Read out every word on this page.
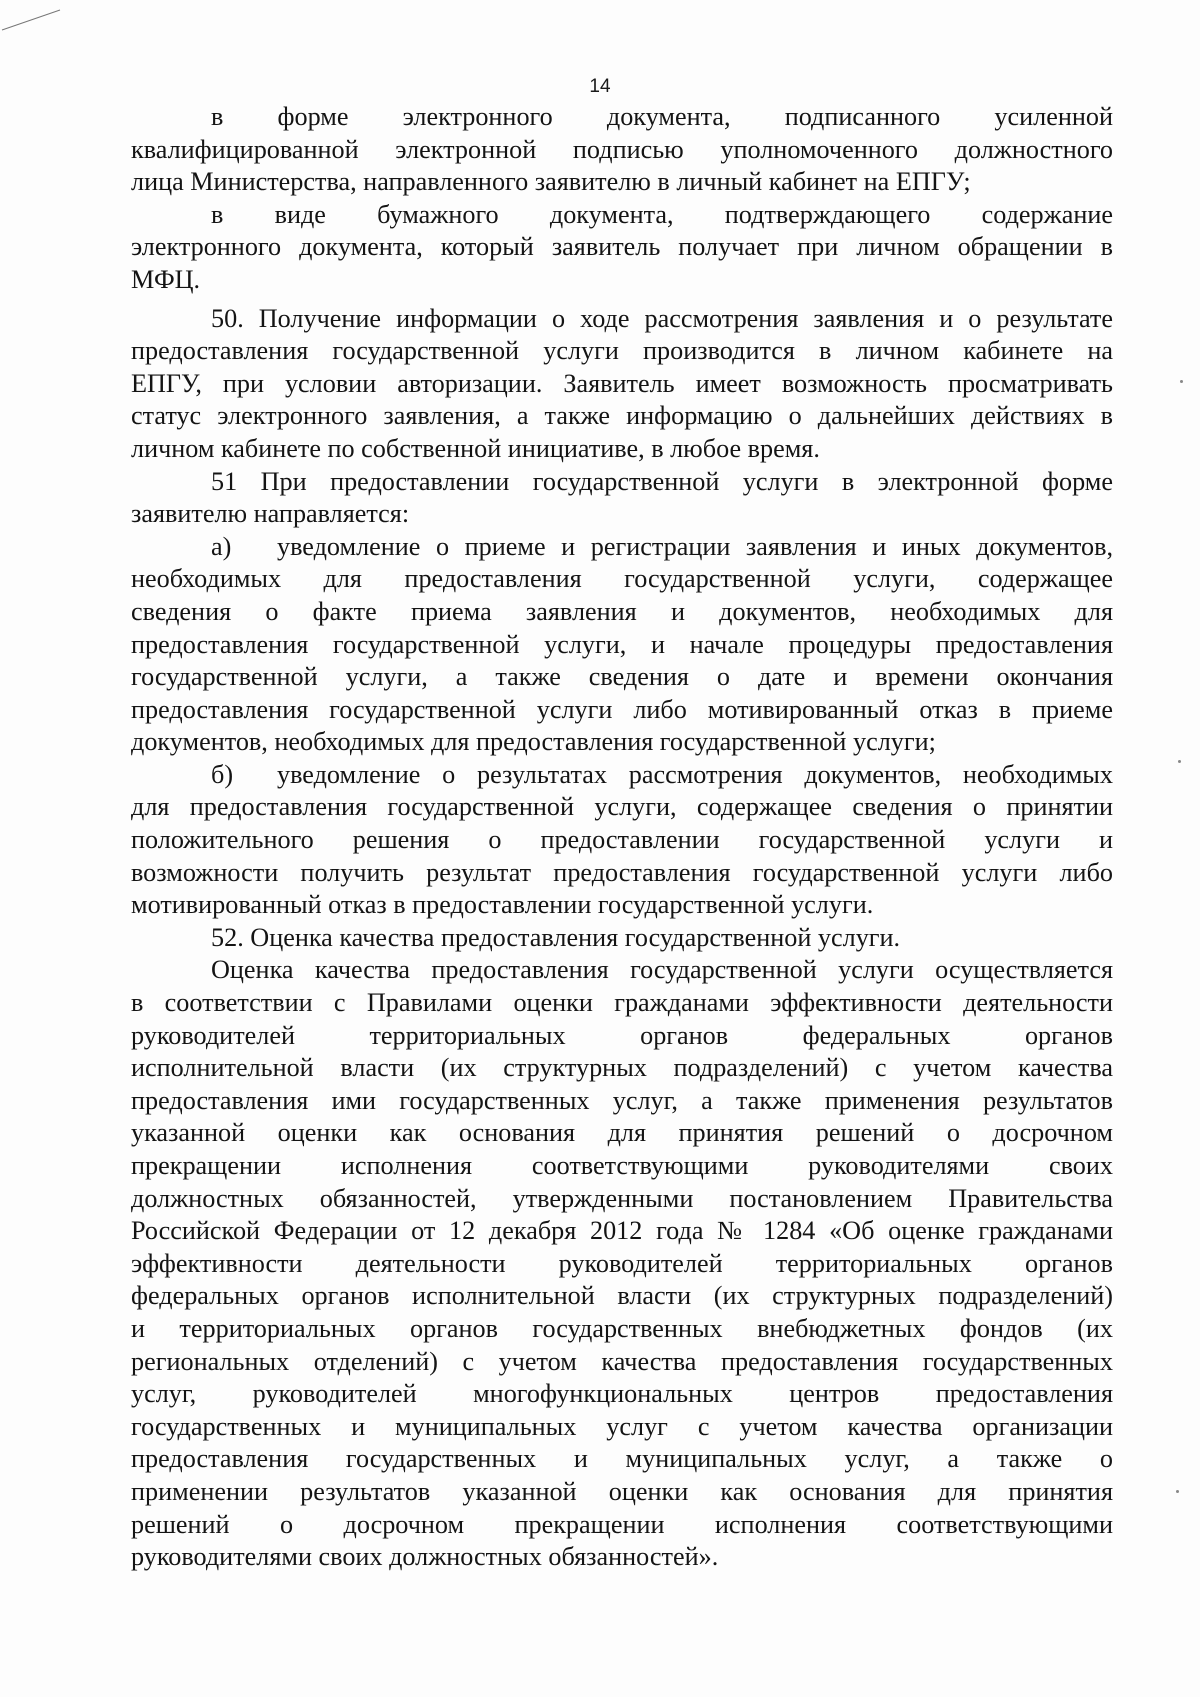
14
в форме электронного документа, подписанного усиленной
квалифицированной электронной подписью уполномоченного должностного
лица Министерства, направленного заявителю в личный кабинет на ЕПГУ;
в виде бумажного документа, подтверждающего содержание
электронного документа, который заявитель получает при личном обращении в
МФЦ.
50. Получение информации о ходе рассмотрения заявления и о результате
предоставления государственной услуги производится в личном кабинете на
ЕПГУ, при условии авторизации. Заявитель имеет возможность просматривать
статус электронного заявления, а также информацию о дальнейших действиях в
личном кабинете по собственной инициативе, в любое время.
51 При предоставлении государственной услуги в электронной форме
заявителю направляется:
а) уведомление о приеме и регистрации заявления и иных документов,
необходимых для предоставления государственной услуги, содержащее
сведения о факте приема заявления и документов, необходимых для
предоставления государственной услуги, и начале процедуры предоставления
государственной услуги, а также сведения о дате и времени окончания
предоставления государственной услуги либо мотивированный отказ в приеме
документов, необходимых для предоставления государственной услуги;
б) уведомление о результатах рассмотрения документов, необходимых
для предоставления государственной услуги, содержащее сведения о принятии
положительного решения о предоставлении государственной услуги и
возможности получить результат предоставления государственной услуги либо
мотивированный отказ в предоставлении государственной услуги.
52. Оценка качества предоставления государственной услуги.
Оценка качества предоставления государственной услуги осуществляется
в соответствии с Правилами оценки гражданами эффективности деятельности
руководителей территориальных органов федеральных органов
исполнительной власти (их структурных подразделений) с учетом качества
предоставления ими государственных услуг, а также применения результатов
указанной оценки как основания для принятия решений о досрочном
прекращении исполнения соответствующими руководителями своих
должностных обязанностей, утвержденными постановлением Правительства
Российской Федерации от 12 декабря 2012 года № 1284 «Об оценке гражданами
эффективности деятельности руководителей территориальных органов
федеральных органов исполнительной власти (их структурных подразделений)
и территориальных органов государственных внебюджетных фондов (их
региональных отделений) с учетом качества предоставления государственных
услуг, руководителей многофункциональных центров предоставления
государственных и муниципальных услуг с учетом качества организации
предоставления государственных и муниципальных услуг, а также о
применении результатов указанной оценки как основания для принятия
решений о досрочном прекращении исполнения соответствующими
руководителями своих должностных обязанностей».
